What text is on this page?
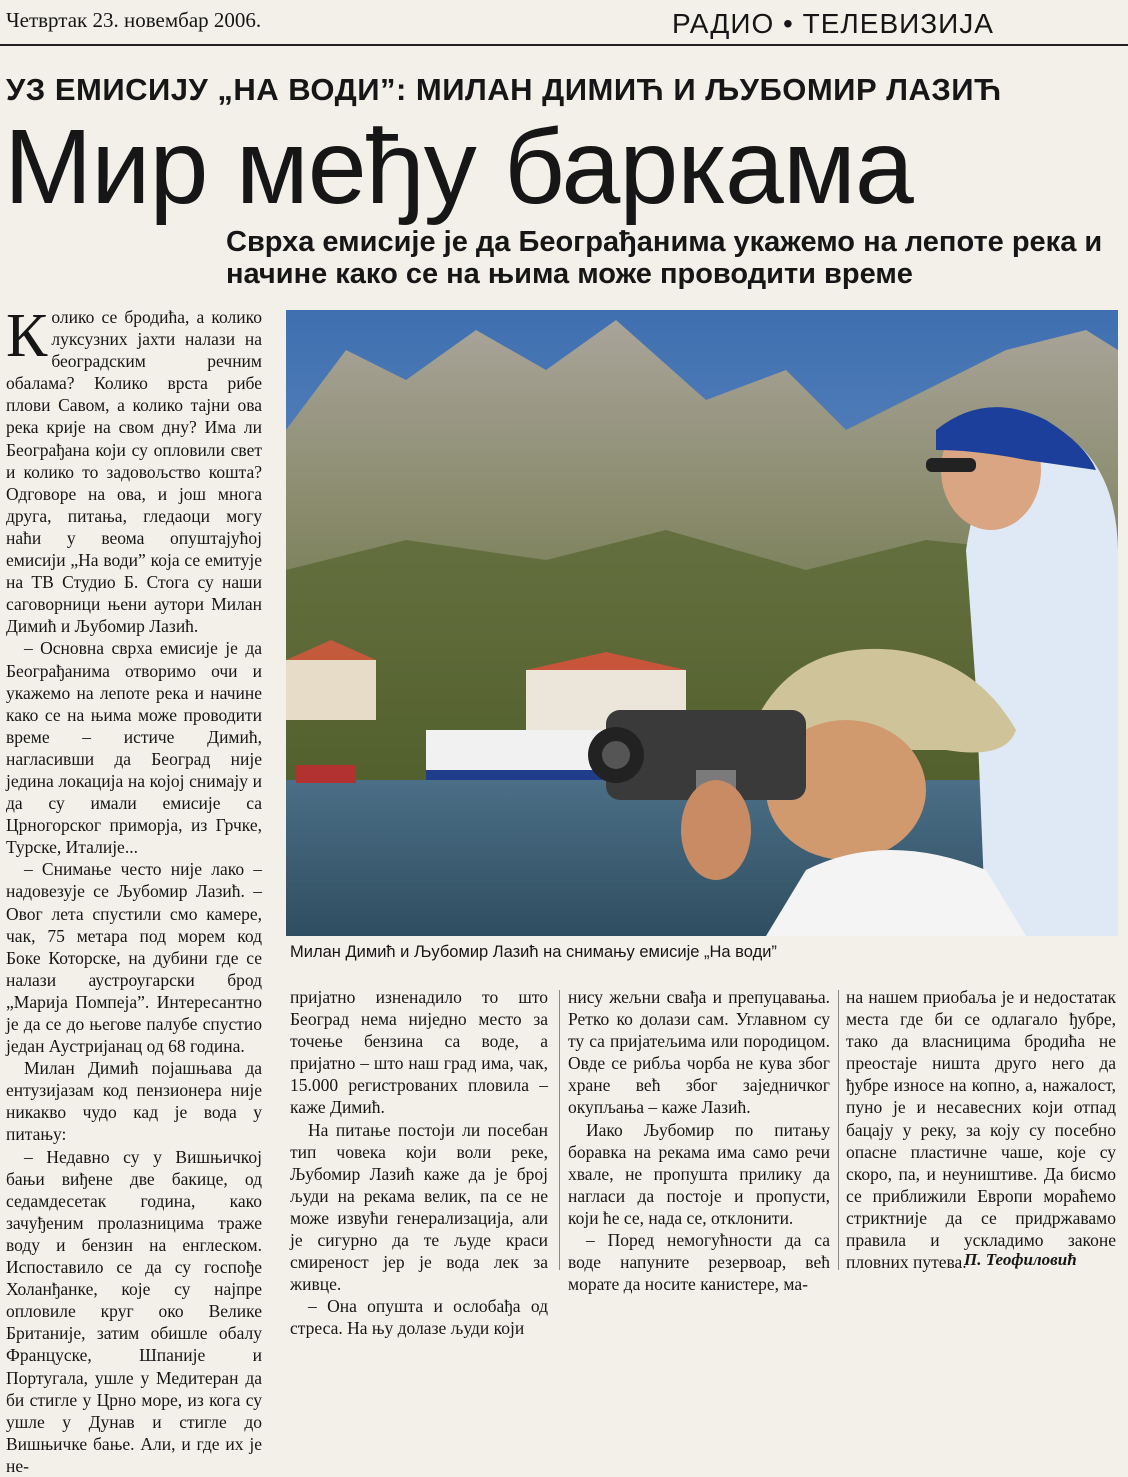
Четвртак 23. новембар 2006.	РАДИО • ТЕЛЕВИЗИЈА
УЗ ЕМИСИЈУ „НА ВОДИ”: МИЛАН ДИМИЋ И ЉУБОМИР ЛАЗИЋ
Мир међу баркама
Сврха емисије је да Београђанима укажемо на лепоте река и начине како се на њима може проводити време

Колико се бродића, а колико луксузних јахти налази на београдским речним обалама? Колико врста рибе плови Савом, а колико тајни ова река крије на свом дну? Има ли Београђана који су опловили свет и колико то задовољство кошта? Одговоре на ова, и још многа друга, питања, гледаоци могу наћи у веома опуштајућој емисији „На води” која се емитује на ТВ Студио Б. Стога су наши саговорници њени аутори Милан Димић и Љубомир Лазић.

– Основна сврха емисије је да Београђанима отворимо очи и укажемо на лепоте река и начине како се на њима може проводити време – истиче Димић, нагласивши да Београд није једина локација на којој снимају и да су имали емисије са Црногорског приморја, из Грчке, Турске, Италије...

– Снимање често није лако – надовезује се Љубомир Лазић. – Овог лета спустили смо камере, чак, 75 метара под морем код Боке Которске, на дубини где се налази аустроугарски брод „Марија Помпеја”. Интересантно је да се до његове палубе спустио један Аустријанац од 68 година.

Милан Димић појашњава да ентузијазам код пензионера није никакво чудо кад је вода у питању:

– Недавно су у Вишњичкој бањи виђене две бакице, од седамдесетак година, како зачуђеним пролазницима траже воду и бензин на енглеском. Испоставило се да су госпође Холанђанке, које су најпре опловиле круг око Велике Британије, затим обишле обалу Француске, Шпаније и Португала, ушле у Медитеран да би стигле у Црно море, из кога су ушле у Дунав и стигле до Вишњичке бање. Али, и где их је не-

Милан Димић и Љубомир Лазић на снимању емисије „На води”

пријатно изненадило то што Београд нема ниједно место за точење бензина са воде, а пријатно – што наш град има, чак, 15.000 регистрованих пловила – каже Димић.

На питање постоји ли посебан тип човека који воли реке, Љубомир Лазић каже да је број људи на рекама велик, па се не може извући генерализација, али је сигурно да те људе краси смиреност јер је вода лек за живце.

– Она опушта и ослобађа од стреса. На њу долазе људи који

нису жељни свађа и препуцавања. Ретко ко долази сам. Углавном су ту са пријатељима или породицом. Овде се рибља чорба не кува због хране већ због заједничког окупљања – каже Лазић.

Иако Љубомир по питању боравка на рекама има само речи хвале, не пропушта прилику да нагласи да постоје и пропусти, који ће се, нада се, отклонити.

– Поред немогућности да са воде напуните резервоар, већ морате да носите канистере, ма-

на нашем приобаља је и недостатак места где би се одлагало ђубре, тако да власницима бродића не преостаје ништа друго него да ђубре износе на копно, а, нажалост, пуно је и несавесних који отпад бацају у реку, за коју су посебно опасне пластичне чаше, које су скоро, па, и неуништиве. Да бисмо се приближили Европи мораћемо стриктније да се придржавамо правила и ускладимо законе пловних путева.

П. Теофиловић
